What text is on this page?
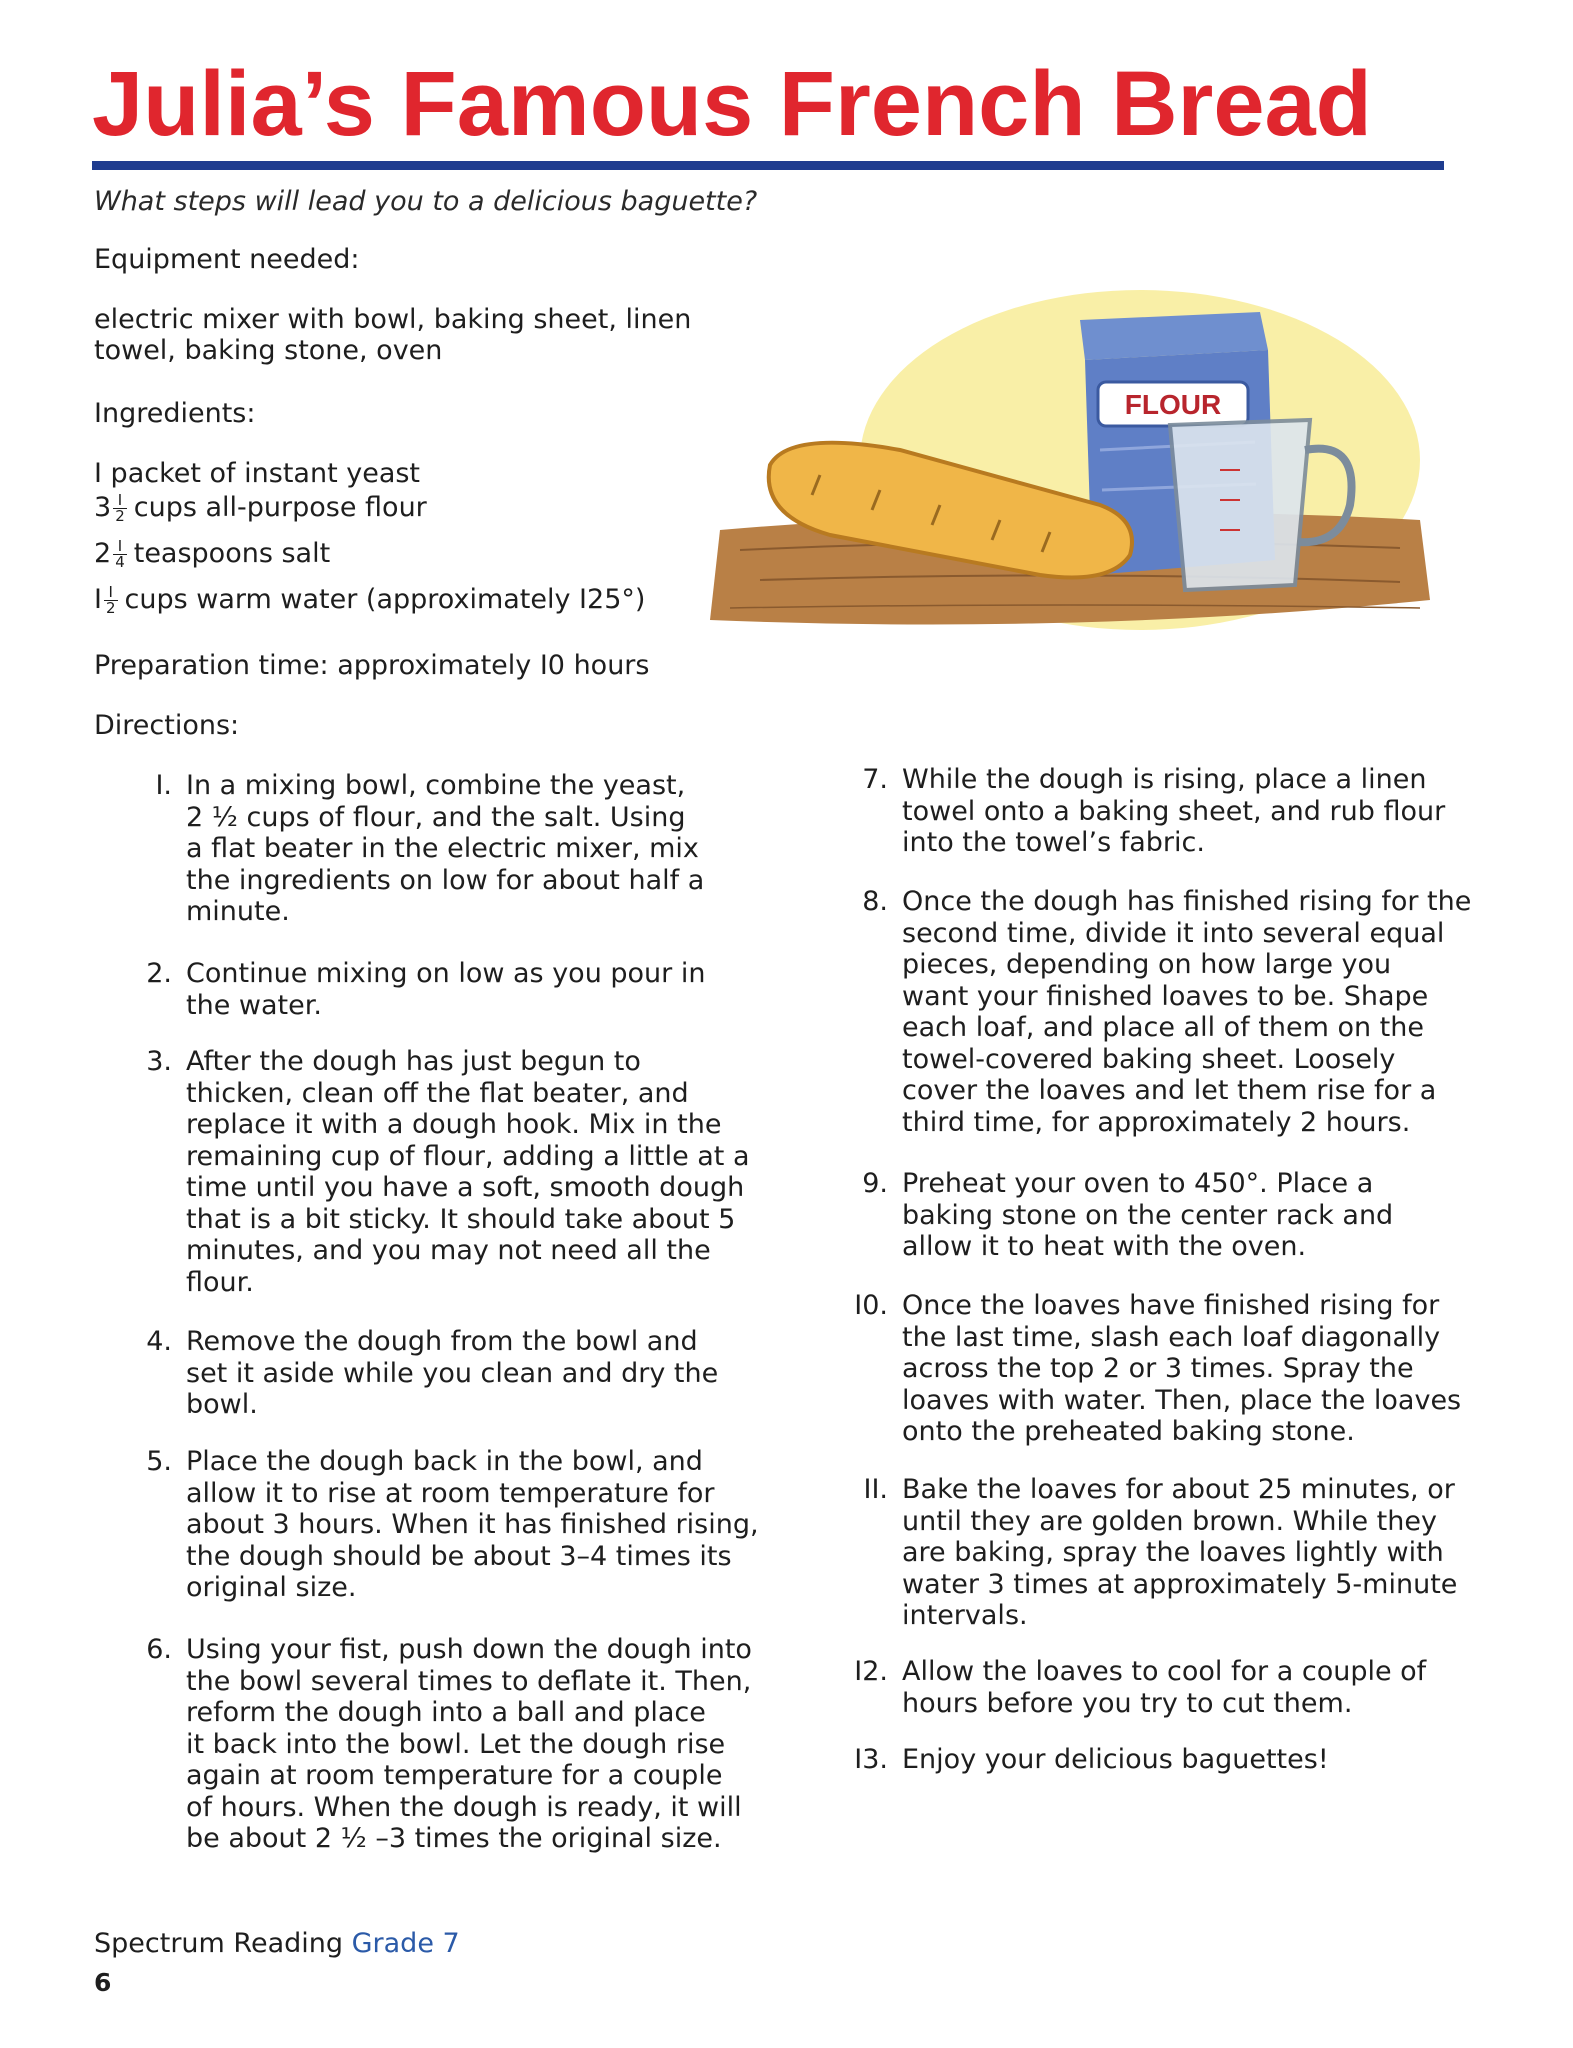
Julia’s Famous French Bread
What steps will lead you to a delicious baguette?
Equipment needed:
electric mixer with bowl, baking sheet, linen
towel, baking stone, oven
Ingredients:
I packet of instant yeast
$3 \frac{I}{2}$ cups all-purpose flour
$2 \frac{I}{4}$ teaspoons salt
I $\frac{I}{2}$ cups warm water (approximately I25°)
Preparation time: approximately I0 hours
Directions:
FLOUR
I. In a mixing bowl, combine the yeast,
2 ½ cups of flour, and the salt. Using
a flat beater in the electric mixer, mix
the ingredients on low for about half a
minute.
2. Continue mixing on low as you pour in
the water.
3. After the dough has just begun to
thicken, clean off the flat beater, and
replace it with a dough hook. Mix in the
remaining cup of flour, adding a little at a
time until you have a soft, smooth dough
that is a bit sticky. It should take about 5
minutes, and you may not need all the
flour.
4. Remove the dough from the bowl and
set it aside while you clean and dry the
bowl.
5. Place the dough back in the bowl, and
allow it to rise at room temperature for
about 3 hours. When it has finished rising,
the dough should be about 3–4 times its
original size.
6. Using your fist, push down the dough into
the bowl several times to deflate it. Then,
reform the dough into a ball and place
it back into the bowl. Let the dough rise
again at room temperature for a couple
of hours. When the dough is ready, it will
be about 2 ½ –3 times the original size.
7. While the dough is rising, place a linen
towel onto a baking sheet, and rub flour
into the towel’s fabric.
8. Once the dough has finished rising for the
second time, divide it into several equal
pieces, depending on how large you
want your finished loaves to be. Shape
each loaf, and place all of them on the
towel-covered baking sheet. Loosely
cover the loaves and let them rise for a
third time, for approximately 2 hours.
9. Preheat your oven to 450°. Place a
baking stone on the center rack and
allow it to heat with the oven.
I0. Once the loaves have finished rising for
the last time, slash each loaf diagonally
across the top 2 or 3 times. Spray the
loaves with water. Then, place the loaves
onto the preheated baking stone.
II. Bake the loaves for about 25 minutes, or
until they are golden brown. While they
are baking, spray the loaves lightly with
water 3 times at approximately 5-minute
intervals.
I2. Allow the loaves to cool for a couple of
hours before you try to cut them.
I3. Enjoy your delicious baguettes!
Spectrum Reading Grade 7
6
